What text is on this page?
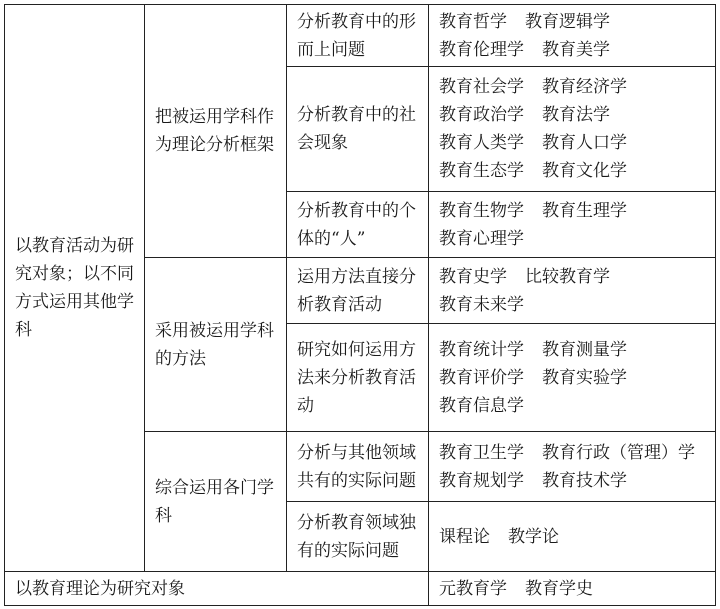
以教育活动为研究对象；以不同方式运用其他学科	把被运用学科作为理论分析框架	分析教育中的形而上问题	教育哲学 教育逻辑学
教育伦理学 教育美学

		分析教育中的社会现象	教育社会学 教育经济学
教育政治学 教育法学
教育人类学 教育人口学
教育生态学 教育文化学

		分析教育中的个体的“人”	教育生物学 教育生理学
教育心理学

	采用被运用学科的方法	运用方法直接分析教育活动	教育史学 比较教育学
教育未来学

		研究如何运用方法来分析教育活动	教育统计学 教育测量学
教育评价学 教育实验学
教育信息学

	综合运用各门学科	分析与其他领域共有的实际问题	教育卫生学 教育行政（管理）学
教育规划学 教育技术学

		分析教育领域独有的实际问题	课程论 教学论

以教育理论为研究对象			元教育学 教育学史
